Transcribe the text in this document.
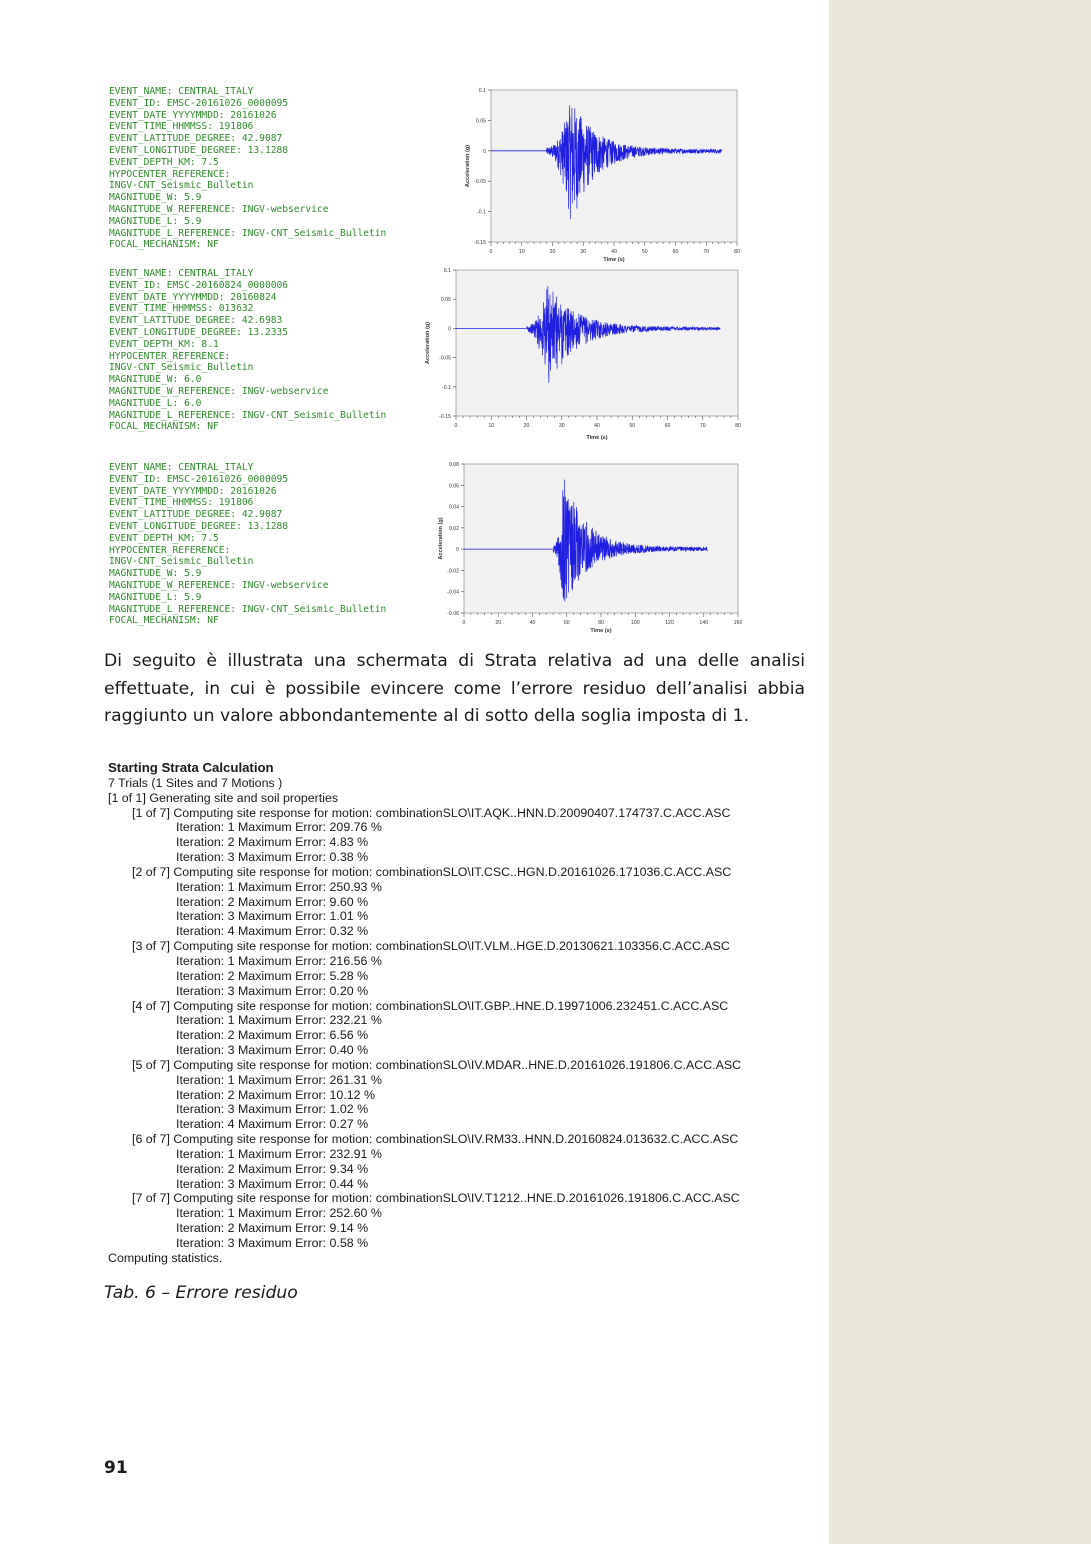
EVENT_NAME: CENTRAL_ITALY
EVENT_ID: EMSC-20161026_0000095
EVENT_DATE_YYYYMMDD: 20161026
EVENT_TIME_HHMMSS: 191806
EVENT_LATITUDE_DEGREE: 42.9087
EVENT_LONGITUDE_DEGREE: 13.1288
EVENT_DEPTH_KM: 7.5
HYPOCENTER_REFERENCE:
INGV-CNT_Seismic_Bulletin
MAGNITUDE_W: 5.9
MAGNITUDE_W_REFERENCE: INGV-webservice
MAGNITUDE_L: 5.9
MAGNITUDE_L_REFERENCE: INGV-CNT_Seismic_Bulletin
FOCAL_MECHANISM: NF
EVENT_NAME: CENTRAL_ITALY
EVENT_ID: EMSC-20160824_0000006
EVENT_DATE_YYYYMMDD: 20160824
EVENT_TIME_HHMMSS: 013632
EVENT_LATITUDE_DEGREE: 42.6983
EVENT_LONGITUDE_DEGREE: 13.2335
EVENT_DEPTH_KM: 8.1
HYPOCENTER_REFERENCE:
INGV-CNT_Seismic_Bulletin
MAGNITUDE_W: 6.0
MAGNITUDE_W_REFERENCE: INGV-webservice
MAGNITUDE_L: 6.0
MAGNITUDE_L_REFERENCE: INGV-CNT_Seismic_Bulletin
FOCAL_MECHANISM: NF
EVENT_NAME: CENTRAL_ITALY
EVENT_ID: EMSC-20161026_0000095
EVENT_DATE_YYYYMMDD: 20161026
EVENT_TIME_HHMMSS: 191806
EVENT_LATITUDE_DEGREE: 42.9087
EVENT_LONGITUDE_DEGREE: 13.1288
EVENT_DEPTH_KM: 7.5
HYPOCENTER_REFERENCE:
INGV-CNT_Seismic_Bulletin
MAGNITUDE_W: 5.9
MAGNITUDE_W_REFERENCE: INGV-webservice
MAGNITUDE_L: 5.9
MAGNITUDE_L_REFERENCE: INGV-CNT_Seismic_Bulletin
FOCAL_MECHANISM: NF
0.1
0.05
0
-0.05
-0.1
-0.15
0	10	20	30	40	50	60	70	80
Time (s)
Acceleration (g)
0.1
0.05
0
-0.05
-0.1
-0.15
0	10	20	30	40	50	60	70	80
Time (s)
Acceleration (g)
0.08
0.06
0.04
0.02
0
-0.02
-0.04
-0.06
0	20	40	60	80	100	120	140	160
Time (s)
Acceleration (g)
Di seguito è illustrata una schermata di Strata relativa ad una delle analisi effettuate, in cui è possibile evincere come l’errore residuo dell’analisi abbia raggiunto un valore abbondantemente al di sotto della soglia imposta di 1.
Starting Strata Calculation
7 Trials (1 Sites and 7 Motions )
[1 of 1] Generating site and soil properties
[1 of 7] Computing site response for motion: combinationSLO\IT.AQK..HNN.D.20090407.174737.C.ACC.ASC
Iteration: 1 Maximum Error: 209.76 %
Iteration: 2 Maximum Error: 4.83 %
Iteration: 3 Maximum Error: 0.38 %
[2 of 7] Computing site response for motion: combinationSLO\IT.CSC..HGN.D.20161026.171036.C.ACC.ASC
Iteration: 1 Maximum Error: 250.93 %
Iteration: 2 Maximum Error: 9.60 %
Iteration: 3 Maximum Error: 1.01 %
Iteration: 4 Maximum Error: 0.32 %
[3 of 7] Computing site response for motion: combinationSLO\IT.VLM..HGE.D.20130621.103356.C.ACC.ASC
Iteration: 1 Maximum Error: 216.56 %
Iteration: 2 Maximum Error: 5.28 %
Iteration: 3 Maximum Error: 0.20 %
[4 of 7] Computing site response for motion: combinationSLO\IT.GBP..HNE.D.19971006.232451.C.ACC.ASC
Iteration: 1 Maximum Error: 232.21 %
Iteration: 2 Maximum Error: 6.56 %
Iteration: 3 Maximum Error: 0.40 %
[5 of 7] Computing site response for motion: combinationSLO\IV.MDAR..HNE.D.20161026.191806.C.ACC.ASC
Iteration: 1 Maximum Error: 261.31 %
Iteration: 2 Maximum Error: 10.12 %
Iteration: 3 Maximum Error: 1.02 %
Iteration: 4 Maximum Error: 0.27 %
[6 of 7] Computing site response for motion: combinationSLO\IV.RM33..HNN.D.20160824.013632.C.ACC.ASC
Iteration: 1 Maximum Error: 232.91 %
Iteration: 2 Maximum Error: 9.34 %
Iteration: 3 Maximum Error: 0.44 %
[7 of 7] Computing site response for motion: combinationSLO\IV.T1212..HNE.D.20161026.191806.C.ACC.ASC
Iteration: 1 Maximum Error: 252.60 %
Iteration: 2 Maximum Error: 9.14 %
Iteration: 3 Maximum Error: 0.58 %
Computing statistics.
Tab. 6 – Errore residuo
91
